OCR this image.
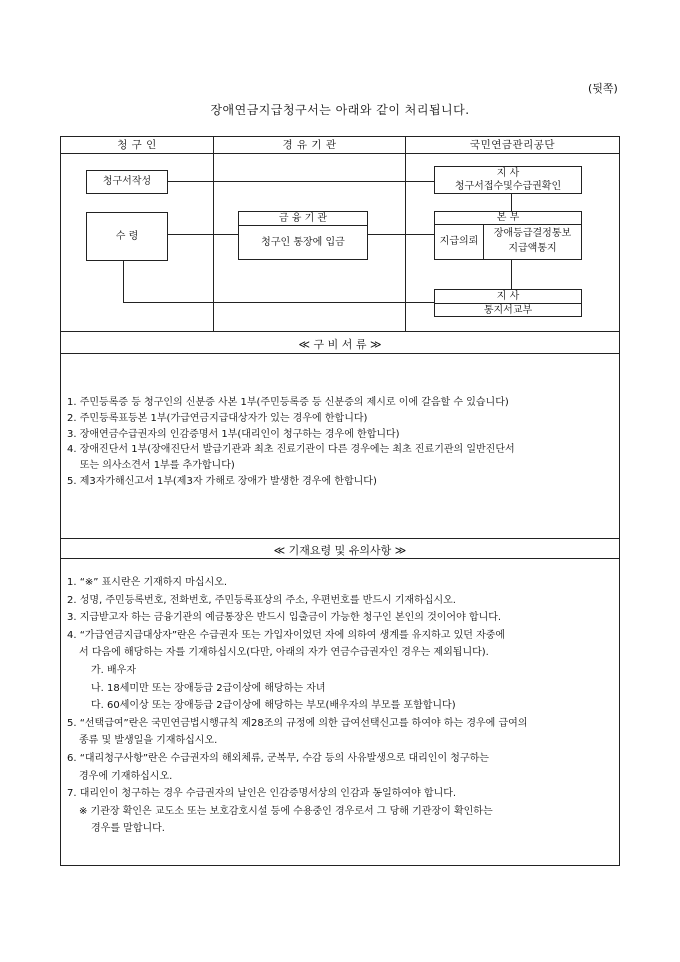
(뒷쪽)
장애연금지급청구서는 아래와 같이 처리됩니다.
청 구 인	경 유 기 관	국민연금관리공단
청구서작성
수 령
금 융 기 관
청구인 통장에 입금
지 사
청구서접수및수급권확인
본 부
지급의뢰
장애등급결정통보
지급액통지
지 사
통지서교부
≪ 구 비 서 류 ≫
1. 주민등록증 등 청구인의 신분증 사본 1부(주민등록증 등 신분증의 제시로 이에 갈음할 수 있습니다)
2. 주민등록표등본 1부(가급연금지급대상자가 있는 경우에 한합니다)
3. 장애연금수급권자의 인감증명서 1부(대리인이 청구하는 경우에 한합니다)
4. 장애진단서 1부(장애진단서 발급기관과 최초 진료기관이 다른 경우에는 최초 진료기관의 일반진단서
또는 의사소견서 1부를 추가합니다)
5. 제3자가해신고서 1부(제3자 가해로 장애가 발생한 경우에 한합니다)
≪ 기재요령 및 유의사항 ≫
1. “※” 표시란은 기재하지 마십시오.
2. 성명, 주민등록번호, 전화번호, 주민등록표상의 주소, 우편번호를 반드시 기재하십시오.
3. 지급받고자 하는 금융기관의 예금통장은 반드시 입출금이 가능한 청구인 본인의 것이어야 합니다.
4. “가급연금지급대상자”란은 수급권자 또는 가입자이었던 자에 의하여 생계를 유지하고 있던 자중에
서 다음에 해당하는 자를 기재하십시오(다만, 아래의 자가 연금수급권자인 경우는 제외됩니다).
가. 배우자
나. 18세미만 또는 장애등급 2급이상에 해당하는 자녀
다. 60세이상 또는 장애등급 2급이상에 해당하는 부모(배우자의 부모를 포함합니다)
5. “선택급여”란은 국민연금법시행규칙 제28조의 규정에 의한 급여선택신고를 하여야 하는 경우에 급여의
종류 및 발생일을 기재하십시오.
6. “대리청구사항”란은 수급권자의 해외체류, 군복무, 수감 등의 사유발생으로 대리인이 청구하는
경우에 기재하십시오.
7. 대리인이 청구하는 경우 수급권자의 날인은 인감증명서상의 인감과 동일하여야 합니다.
※ 기관장 확인은 교도소 또는 보호감호시설 등에 수용중인 경우로서 그 당해 기관장이 확인하는
경우를 말합니다.
